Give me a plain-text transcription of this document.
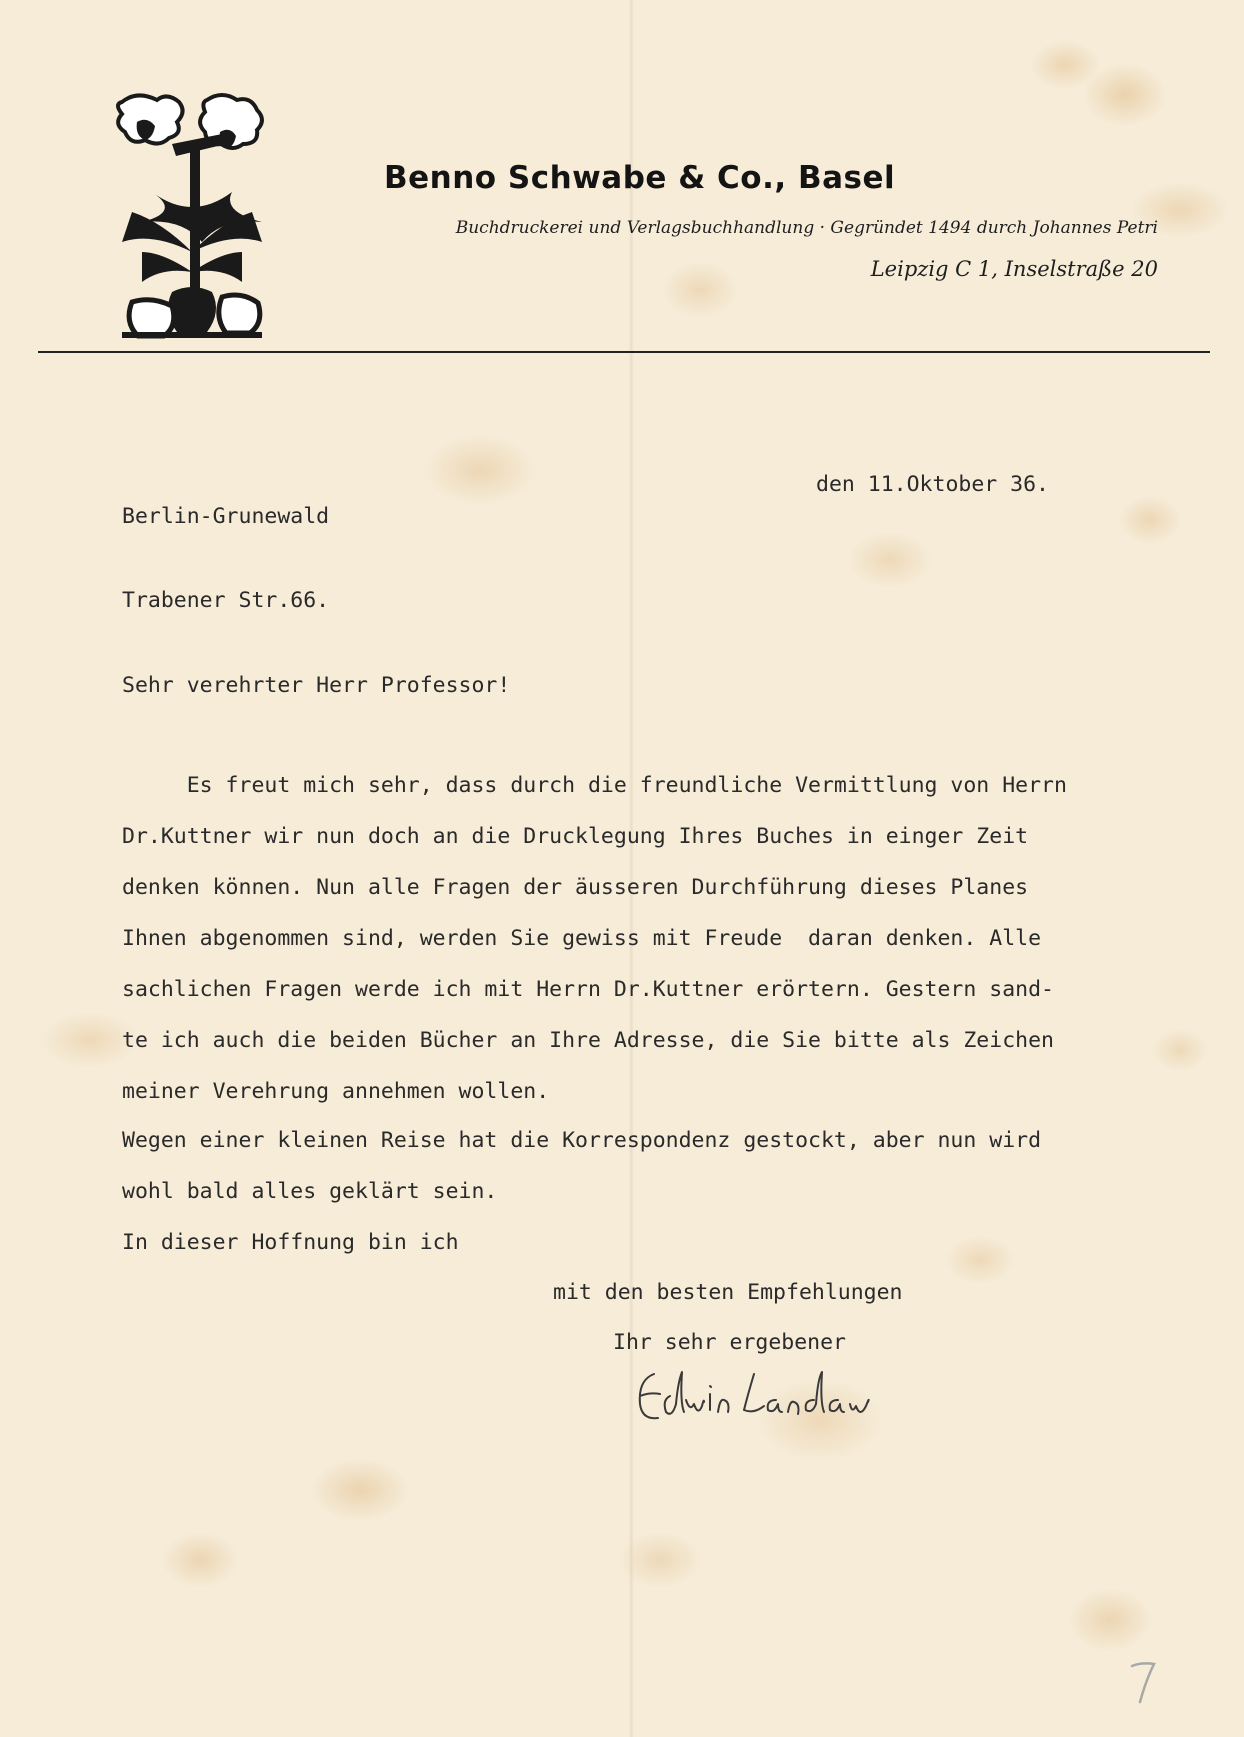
Benno Schwabe & Co., Basel
Buchdruckerei und Verlagsbuchhandlung · Gegründet 1494 durch Johannes Petri
Leipzig C 1, Inselstraße 20

Berlin-Grunewald

Trabener Str.66.

den 11.Oktober 36.
Sehr verehrter Herr Professor!
Es freut mich sehr, dass durch die freundliche Vermittlung von Herrn
Dr.Kuttner wir nun doch an die Drucklegung Ihres Buches in einger Zeit
denken können. Nun alle Fragen der äusseren Durchführung dieses Planes
Ihnen abgenommen sind, werden Sie gewiss mit Freude  daran denken. Alle
sachlichen Fragen werde ich mit Herrn Dr.Kuttner erörtern. Gestern sand-
te ich auch die beiden Bücher an Ihre Adresse, die Sie bitte als Zeichen
meiner Verehrung annehmen wollen.
Wegen einer kleinen Reise hat die Korrespondenz gestockt, aber nun wird
wohl bald alles geklärt sein.
In dieser Hoffnung bin ich
mit den besten Empfehlungen
Ihr sehr ergebener
